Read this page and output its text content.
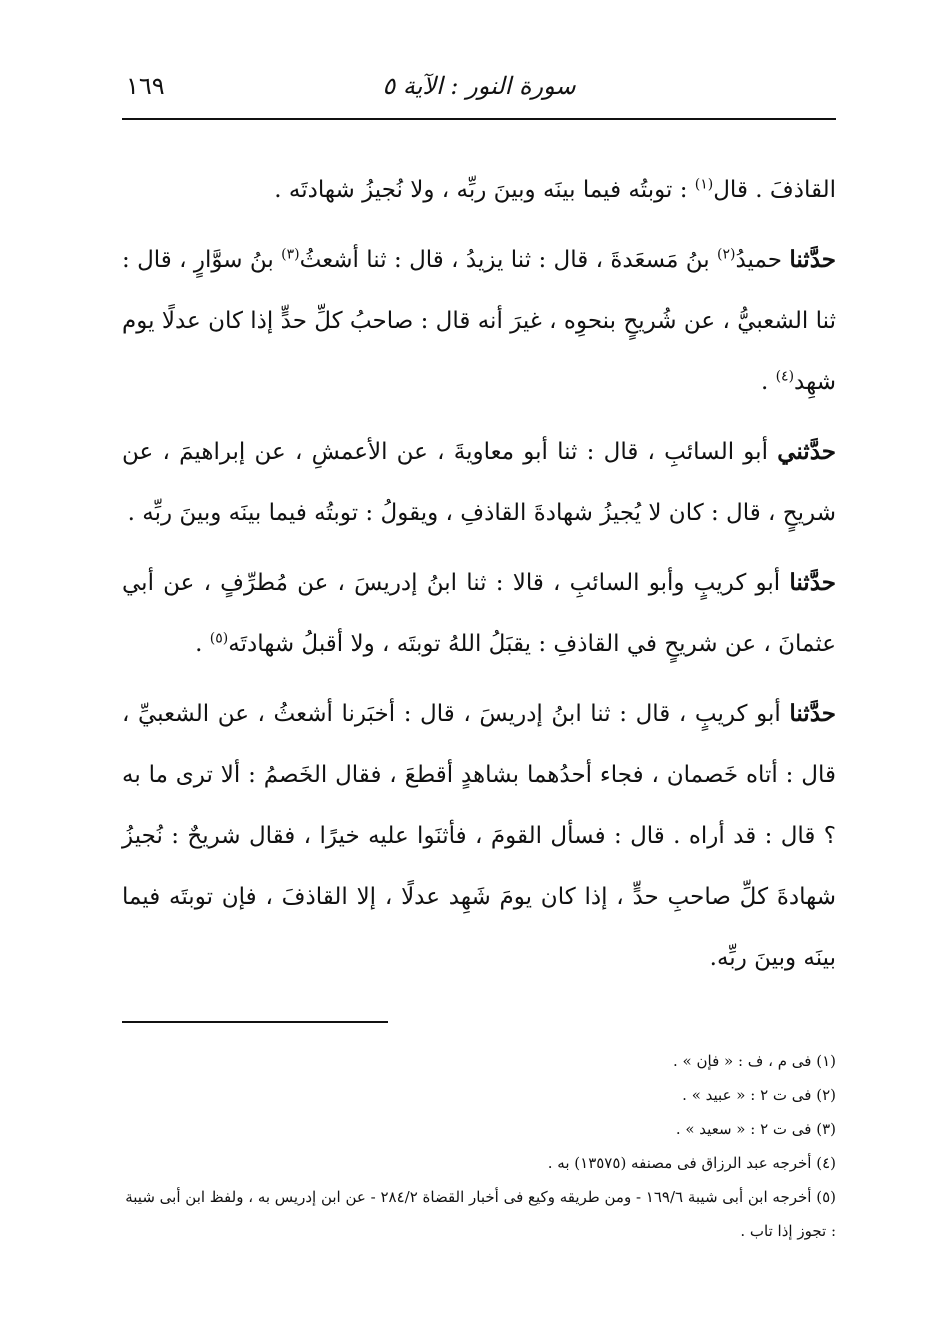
سورة النور : الآية ٥
١٦٩

القاذفَ . قال$^{(١)}$ : توبتُه فيما بينَه وبينَ ربِّه ، ولا نُجيزُ شهادتَه .

حدَّثنا حميدُ$^{(٢)}$ بنُ مَسعَدةَ ، قال : ثنا يزيدُ ، قال : ثنا أشعثُ$^{(٣)}$ بنُ سوَّارٍ ، قال : ثنا الشعبيُّ ، عن شُريحٍ بنحوِه ، غيرَ أنه قال : صاحبُ كلِّ حدٍّ إذا كان عدلًا يوم شهِد$^{(٤)}$ .

حدَّثني أبو السائبِ ، قال : ثنا أبو معاويةَ ، عن الأعمشِ ، عن إبراهيمَ ، عن شريحٍ ، قال : كان لا يُجيزُ شهادةَ القاذفِ ، ويقولُ : توبتُه فيما بينَه وبينَ ربِّه .

حدَّثنا أبو كريبٍ وأبو السائبِ ، قالا : ثنا ابنُ إدريسَ ، عن مُطرِّفٍ ، عن أبي عثمانَ ، عن شريحٍ في القاذفِ : يقبَلُ اللهُ توبتَه ، ولا أقبلُ شهادتَه$^{(٥)}$ .

حدَّثنا أبو كريبٍ ، قال : ثنا ابنُ إدريسَ ، قال : أخبَرنا أشعثُ ، عن الشعبيِّ ، قال : أتاه خَصمان ، فجاء أحدُهما بشاهدٍ أقطعَ ، فقال الخَصمُ : ألا ترى ما به ؟ قال : قد أراه . قال : فسأل القومَ ، فأثنَوا عليه خيرًا ، فقال شريحٌ : نُجيزُ شهادةَ كلِّ صاحبِ حدٍّ ، إذا كان يومَ شَهِد عدلًا ، إلا القاذفَ ، فإن توبتَه فيما بينَه وبينَ ربِّه.

(١) فى م ، ف : « فإن » .

(٢) فى ت ٢ : « عبيد » .

(٣) فى ت ٢ : « سعيد » .

(٤) أخرجه عبد الرزاق فى مصنفه (١٣٥٧٥) به .

(٥) أخرجه ابن أبى شيبة ١٦٩/٦ - ومن طريقه وكيع فى أخبار القضاة ٢٨٤/٢ - عن ابن إدريس به ، ولفظ ابن أبى شيبة : تجوز إذا تاب .
